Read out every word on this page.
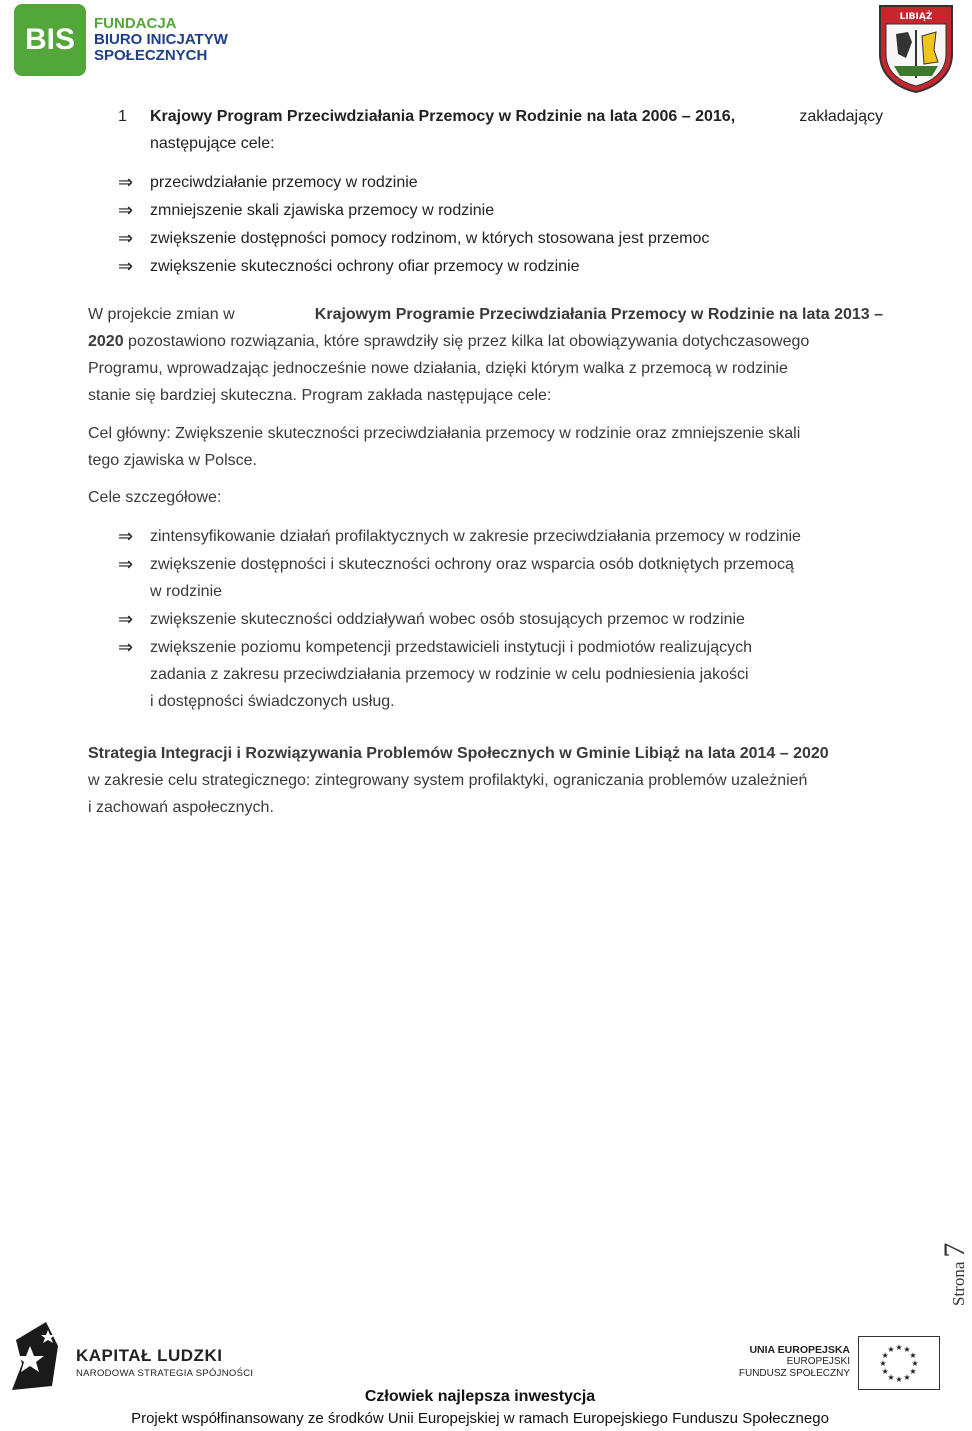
BIS	FUNDACJA
BIURO INICJATYW
SPOŁECZNYCH
LIBIĄŻ
1 Krajowy Program Przeciwdziałania Przemocy w Rodzinie na lata 2006 – 2016,	zakładający
następujące cele:
⇒ przeciwdziałanie przemocy w rodzinie
⇒ zmniejszenie skali zjawiska przemocy w rodzinie
⇒ zwiększenie dostępności pomocy rodzinom, w których stosowana jest przemoc
⇒ zwiększenie skuteczności ochrony ofiar przemocy w rodzinie
W projekcie zmian w	Krajowym Programie Przeciwdziałania Przemocy w Rodzinie na lata 2013 –
2020 pozostawiono rozwiązania, które sprawdziły się przez kilka lat obowiązywania dotychczasowego
Programu, wprowadzając jednocześnie nowe działania, dzięki którym walka z przemocą w rodzinie
stanie się bardziej skuteczna. Program zakłada następujące cele:
Cel główny: Zwiększenie skuteczności przeciwdziałania przemocy w rodzinie oraz zmniejszenie skali
tego zjawiska w Polsce.
Cele szczegółowe:
⇒ zintensyfikowanie działań profilaktycznych w zakresie przeciwdziałania przemocy w rodzinie
⇒ zwiększenie dostępności i skuteczności ochrony oraz wsparcia osób dotkniętych przemocą
w rodzinie
⇒ zwiększenie skuteczności oddziaływań wobec osób stosujących przemoc w rodzinie
⇒ zwiększenie poziomu kompetencji przedstawicieli instytucji i podmiotów realizujących
zadania z zakresu przeciwdziałania przemocy w rodzinie w celu podniesienia jakości
i dostępności świadczonych usług.
Strategia Integracji i Rozwiązywania Problemów Społecznych w Gminie Libiąż na lata 2014 – 2020
w zakresie celu strategicznego: zintegrowany system profilaktyki, ograniczania problemów uzależnień
i zachowań aspołecznych.
Strona 7
KAPITAŁ LUDZKI
NARODOWA STRATEGIA SPÓJNOŚCI
UNIA EUROPEJSKA
EUROPEJSKI
FUNDUSZ SPOŁECZNY
★ ★
★
★
★
★
★
★
★
★
★
★
Człowiek najlepsza inwestycja
Projekt współfinansowany ze środków Unii Europejskiej w ramach Europejskiego Funduszu Społecznego
